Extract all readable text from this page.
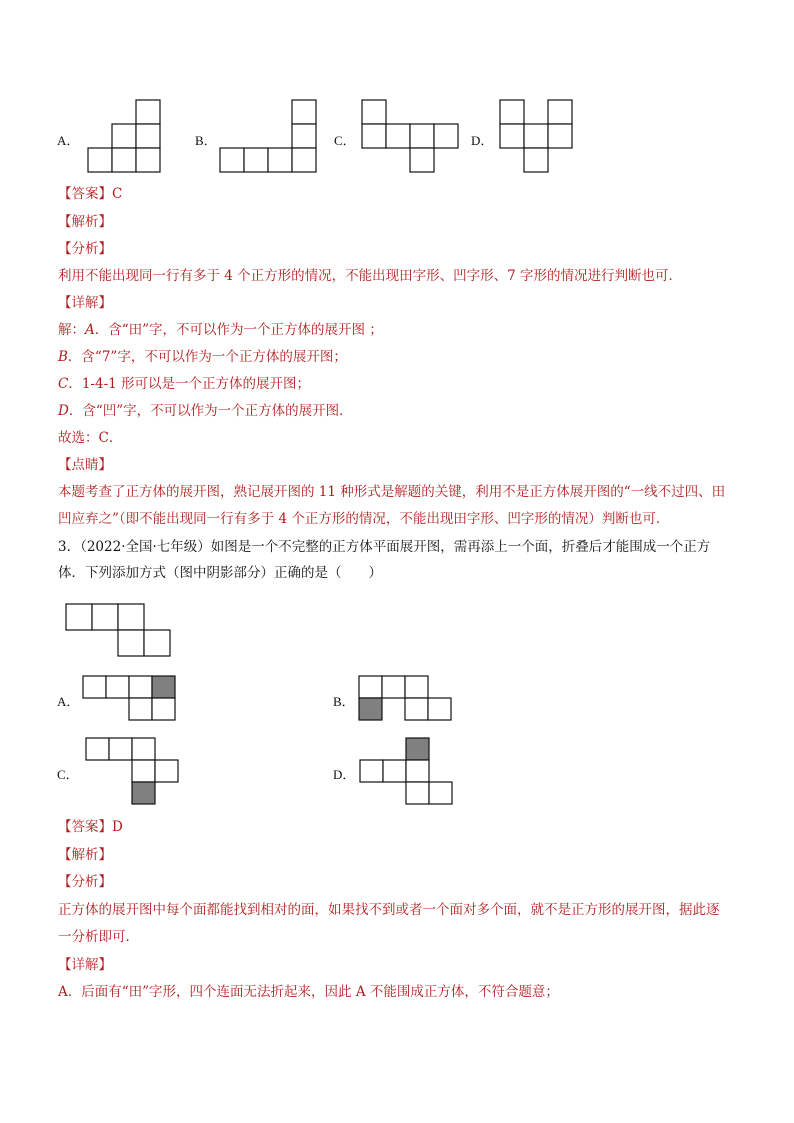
A．	B．	C．	D．
【答案】C
【解析】
【分析】
利用不能出现同一行有多于 4 个正方形的情况，不能出现田字形、凹字形、7 字形的情况进行判断也可．
【详解】
解：A．含“田”字，不可以作为一个正方体的展开图 ；
B．含“7”字，不可以作为一个正方体的展开图；
C．1-4-1 形可以是一个正方体的展开图；
D．含“凹”字，不可以作为一个正方体的展开图．
故选：C．
【点睛】
本题考查了正方体的展开图，熟记展开图的 11 种形式是解题的关键，利用不是正方体展开图的“一线不过四、田
凹应弃之”（即不能出现同一行有多于 4 个正方形的情况，不能出现田字形、凹字形的情况）判断也可．
3．（2022·全国·七年级）如图是一个不完整的正方体平面展开图，需再添上一个面，折叠后才能围成一个正方
体．下列添加方式（图中阴影部分）正确的是（　　）
A．	B．
C．	D．
【答案】D
【解析】
【分析】
正方体的展开图中每个面都能找到相对的面，如果找不到或者一个面对多个面，就不是正方形的展开图，据此逐
一分析即可．
【详解】
A．后面有“田”字形，四个连面无法折起来，因此 A 不能围成正方体，不符合题意；
